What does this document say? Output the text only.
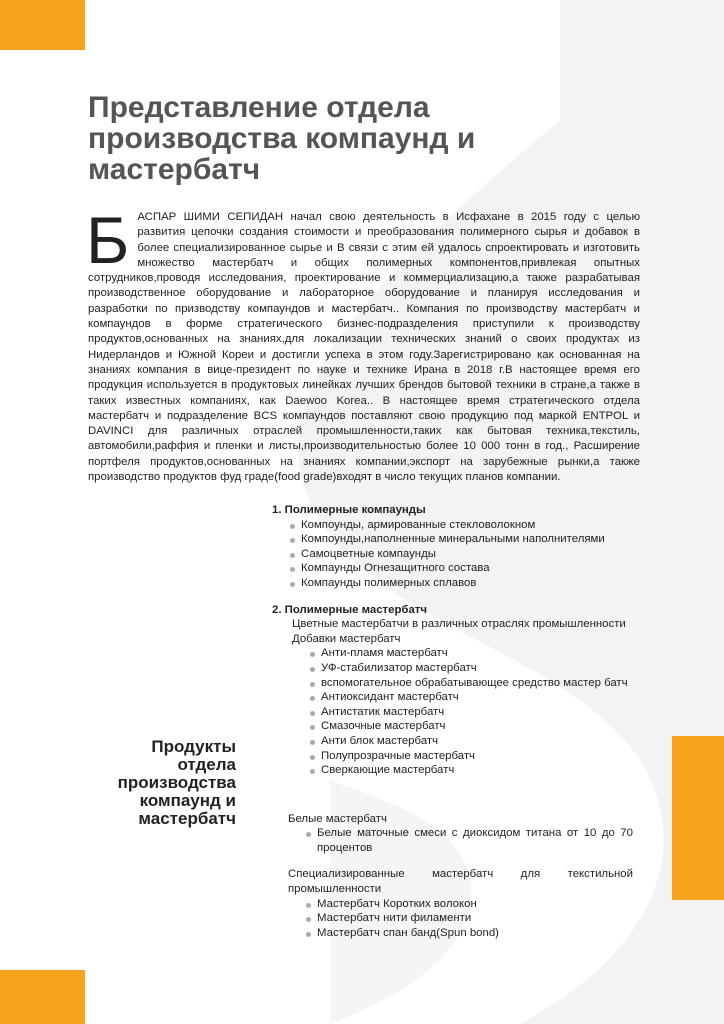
Представление отдела производства компаунд и мастербатч

БАСПАР ШИМИ СЕПИДАН начал свою деятельность в Исфахане в 2015 году с целью развития цепочки создания стоимости и преобразования полимерного сырья и добавок в более специализированное сырье и В связи с этим ей удалось спроектировать и изготовить множество мастербатч и общих полимерных компонентов,привлекая опытных сотрудников,проводя исследования, проектирование и коммерциализацию,а также разрабатывая производственное оборудование и лабораторное оборудование и планируя исследования и разработки по призводству компаундов и мастербатч.. Компания по производству мастербатч и компаундов в форме стратегического бизнес-подразделения приступили к производству продуктов,основанных на знаниях,для локализации технических знаний о своих продуктах из Нидерландов и Южной Кореи и достигли успеха в этом году.Зарегистрировано как основанная на знаниях компания в вице-президент по науке и технике Ирана в 2018 г.В настоящее время его продукция используется в продуктовых линейках лучших брендов бытовой техники в стране,а также в таких известных компаниях, как Daewoo Korea.. В настоящее время стратегического отдела мастербатч и подразделение BCS компаундов поставляют свою продукцию под маркой ENTPOL и DAVINCI для различных отраслей промышленности,таких как бытовая техника,текстиль, автомобили,раффия и пленки и листы,производительностью более 10 000 тонн в год., Расширение портфеля продуктов,основанных на знаниях компании,экспорт на зарубежные рынки,а также производство продуктов фуд граде(food grade)входят в число текущих планов компании.

Продукты отдела производства компаунд и мастербатч
1. Полимерные компаунды
Компоунды, армированные стекловолокном
Компоунды,наполненные минеральными наполнителями
Самоцветные компаунды
Компаунды Огнезащитного состава
Компаунды полимерных сплавов
2. Полимерные мастербатч
Цветные мастербатчи в различных отраслях промышленности
Добавки мастербатч
Анти-пламя мастербатч
УФ-стабилизатор мастербатч
вспомогательное обрабатывающее средство мастер батч
Антиоксидант мастербатч
Антистатик мастербатч
Смазочные мастербатч
Анти блок мастербатч
Полупрозрачные мастербатч
Сверкающие мастербатч
Белые мастербатч
Белые маточные смеси с диоксидом титана от 10 до 70 процентов
Специализированные мастербатч для текстильной промышленности
Мастербатч Коротких волокон
Мастербатч нити филаменти
Мастербатч спан банд(Spun bond)
